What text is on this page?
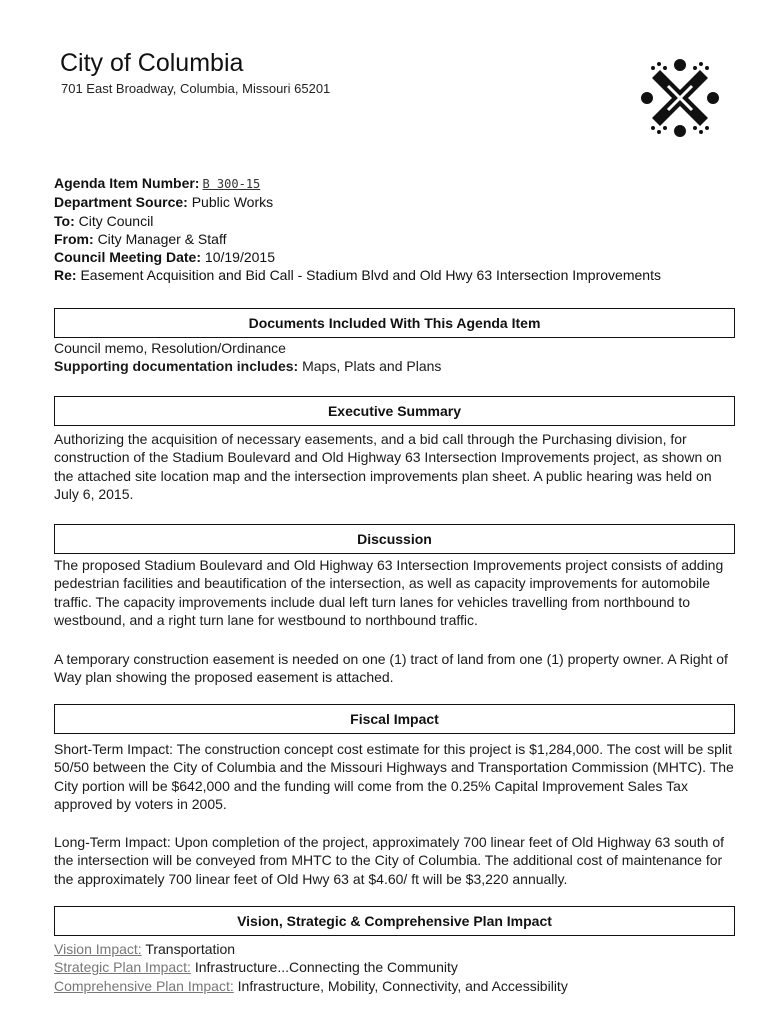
City of Columbia
701 East Broadway, Columbia, Missouri 65201
Agenda Item Number: B 300-15
Department Source: Public Works
To: City Council
From: City Manager & Staff
Council Meeting Date: 10/19/2015
Re: Easement Acquisition and Bid Call - Stadium Blvd and Old Hwy 63 Intersection Improvements
Documents Included With This Agenda Item
Council memo, Resolution/Ordinance
Supporting documentation includes: Maps, Plats and Plans
Executive Summary
Authorizing the acquisition of necessary easements, and a bid call through the Purchasing division, for construction of the Stadium Boulevard and Old Highway 63 Intersection Improvements project, as shown on the attached site location map and the intersection improvements plan sheet. A public hearing was held on July 6, 2015.
Discussion
The proposed Stadium Boulevard and Old Highway 63 Intersection Improvements project consists of adding pedestrian facilities and beautification of the intersection, as well as capacity improvements for automobile traffic. The capacity improvements include dual left turn lanes for vehicles travelling from northbound to westbound, and a right turn lane for westbound to northbound traffic.
A temporary construction easement is needed on one (1) tract of land from one (1) property owner. A Right of Way plan showing the proposed easement is attached.
Fiscal Impact
Short-Term Impact: The construction concept cost estimate for this project is $1,284,000. The cost will be split 50/50 between the City of Columbia and the Missouri Highways and Transportation Commission (MHTC). The City portion will be $642,000 and the funding will come from the 0.25% Capital Improvement Sales Tax approved by voters in 2005.
Long-Term Impact: Upon completion of the project, approximately 700 linear feet of Old Highway 63 south of the intersection will be conveyed from MHTC to the City of Columbia. The additional cost of maintenance for the approximately 700 linear feet of Old Hwy 63 at $4.60/ ft will be $3,220 annually.
Vision, Strategic & Comprehensive Plan Impact
Vision Impact: Transportation
Strategic Plan Impact: Infrastructure...Connecting the Community
Comprehensive Plan Impact: Infrastructure, Mobility, Connectivity, and Accessibility
